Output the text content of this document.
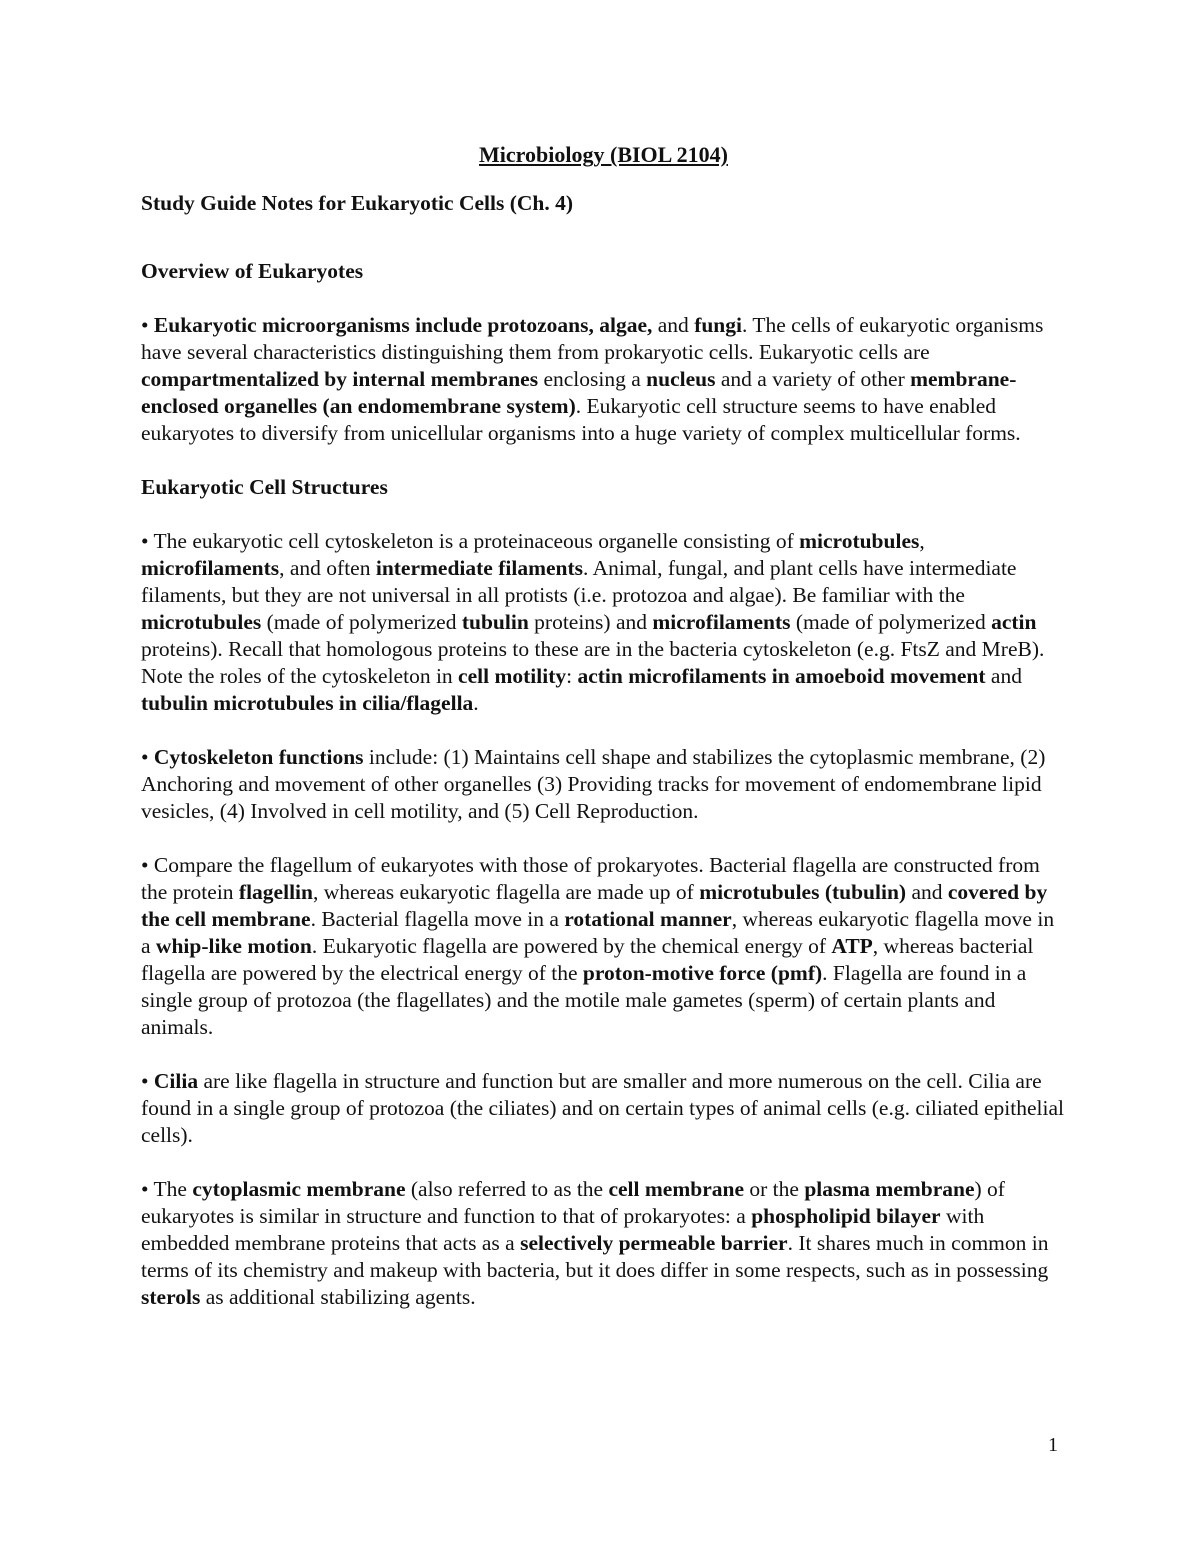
Microbiology (BIOL 2104)
Study Guide Notes for Eukaryotic Cells (Ch. 4)
Overview of Eukaryotes
• Eukaryotic microorganisms include protozoans, algae, and fungi. The cells of eukaryotic organisms have several characteristics distinguishing them from prokaryotic cells. Eukaryotic cells are compartmentalized by internal membranes enclosing a nucleus and a variety of other membrane-enclosed organelles (an endomembrane system). Eukaryotic cell structure seems to have enabled eukaryotes to diversify from unicellular organisms into a huge variety of complex multicellular forms.
Eukaryotic Cell Structures
• The eukaryotic cell cytoskeleton is a proteinaceous organelle consisting of microtubules, microfilaments, and often intermediate filaments. Animal, fungal, and plant cells have intermediate filaments, but they are not universal in all protists (i.e. protozoa and algae). Be familiar with the microtubules (made of polymerized tubulin proteins) and microfilaments (made of polymerized actin proteins). Recall that homologous proteins to these are in the bacteria cytoskeleton (e.g. FtsZ and MreB). Note the roles of the cytoskeleton in cell motility: actin microfilaments in amoeboid movement and tubulin microtubules in cilia/flagella.
• Cytoskeleton functions include: (1) Maintains cell shape and stabilizes the cytoplasmic membrane, (2) Anchoring and movement of other organelles (3) Providing tracks for movement of endomembrane lipid vesicles, (4) Involved in cell motility, and (5) Cell Reproduction.
• Compare the flagellum of eukaryotes with those of prokaryotes. Bacterial flagella are constructed from the protein flagellin, whereas eukaryotic flagella are made up of microtubules (tubulin) and covered by the cell membrane. Bacterial flagella move in a rotational manner, whereas eukaryotic flagella move in a whip-like motion. Eukaryotic flagella are powered by the chemical energy of ATP, whereas bacterial flagella are powered by the electrical energy of the proton-motive force (pmf). Flagella are found in a single group of protozoa (the flagellates) and the motile male gametes (sperm) of certain plants and animals.
• Cilia are like flagella in structure and function but are smaller and more numerous on the cell. Cilia are found in a single group of protozoa (the ciliates) and on certain types of animal cells (e.g. ciliated epithelial cells).
• The cytoplasmic membrane (also referred to as the cell membrane or the plasma membrane) of eukaryotes is similar in structure and function to that of prokaryotes: a phospholipid bilayer with embedded membrane proteins that acts as a selectively permeable barrier. It shares much in common in terms of its chemistry and makeup with bacteria, but it does differ in some respects, such as in possessing sterols as additional stabilizing agents.
1
